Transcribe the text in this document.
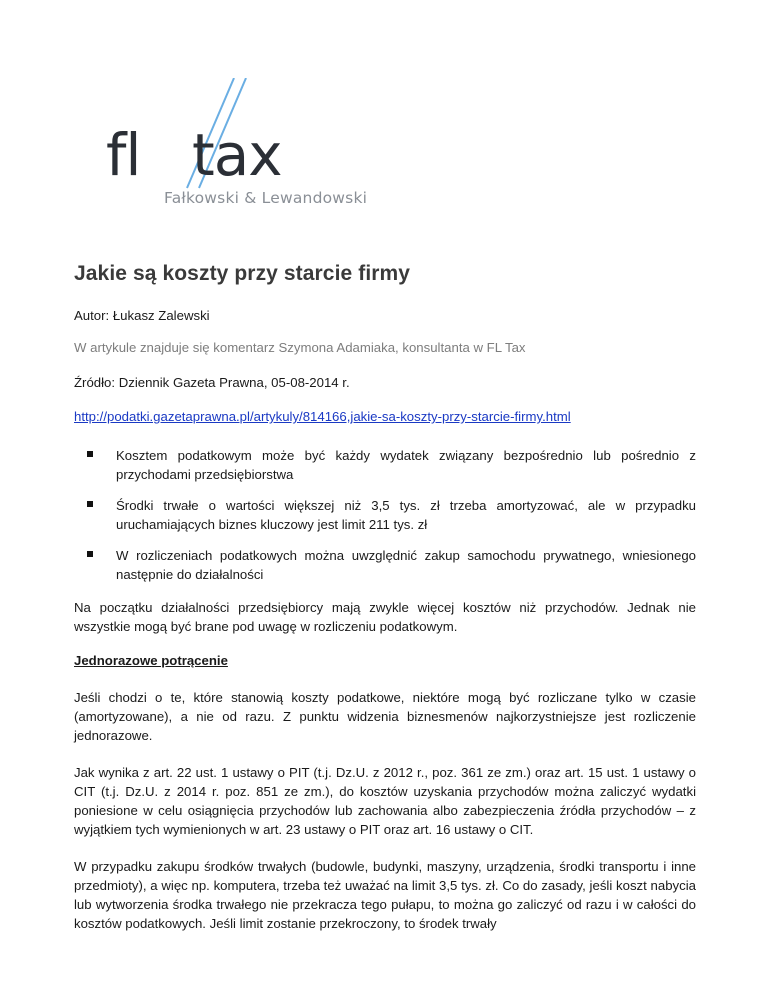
fl tax
Fałkowski & Lewandowski
Jakie są koszty przy starcie firmy

Autor: Łukasz Zalewski

W artykule znajduje się komentarz Szymona Adamiaka, konsultanta w FL Tax

Źródło: Dziennik Gazeta Prawna, 05-08-2014 r.

http://podatki.gazetaprawna.pl/artykuly/814166,jakie-sa-koszty-przy-starcie-firmy.html

Kosztem podatkowym może być każdy wydatek związany bezpośrednio lub pośrednio z przychodami przedsiębiorstwa
Środki trwałe o wartości większej niż 3,5 tys. zł trzeba amortyzować, ale w przypadku uruchamiających biznes kluczowy jest limit 211 tys. zł
W rozliczeniach podatkowych można uwzględnić zakup samochodu prywatnego, wniesionego następnie do działalności

Na początku działalności przedsiębiorcy mają zwykle więcej kosztów niż przychodów. Jednak nie wszystkie mogą być brane pod uwagę w rozliczeniu podatkowym.

Jednorazowe potrącenie

Jeśli chodzi o te, które stanowią koszty podatkowe, niektóre mogą być rozliczane tylko w czasie (amortyzowane), a nie od razu. Z punktu widzenia biznesmenów najkorzystniejsze jest rozliczenie jednorazowe.

Jak wynika z art. 22 ust. 1 ustawy o PIT (t.j. Dz.U. z 2012 r., poz. 361 ze zm.) oraz art. 15 ust. 1 ustawy o CIT (t.j. Dz.U. z 2014 r. poz. 851 ze zm.), do kosztów uzyskania przychodów można zaliczyć wydatki poniesione w celu osiągnięcia przychodów lub zachowania albo zabezpieczenia źródła przychodów – z wyjątkiem tych wymienionych w art. 23 ustawy o PIT oraz art. 16 ustawy o CIT.

W przypadku zakupu środków trwałych (budowle, budynki, maszyny, urządzenia, środki transportu i inne przedmioty), a więc np. komputera, trzeba też uważać na limit 3,5 tys. zł. Co do zasady, jeśli koszt nabycia lub wytworzenia środka trwałego nie przekracza tego pułapu, to można go zaliczyć od razu i w całości do kosztów podatkowych. Jeśli limit zostanie przekroczony, to środek trwały
